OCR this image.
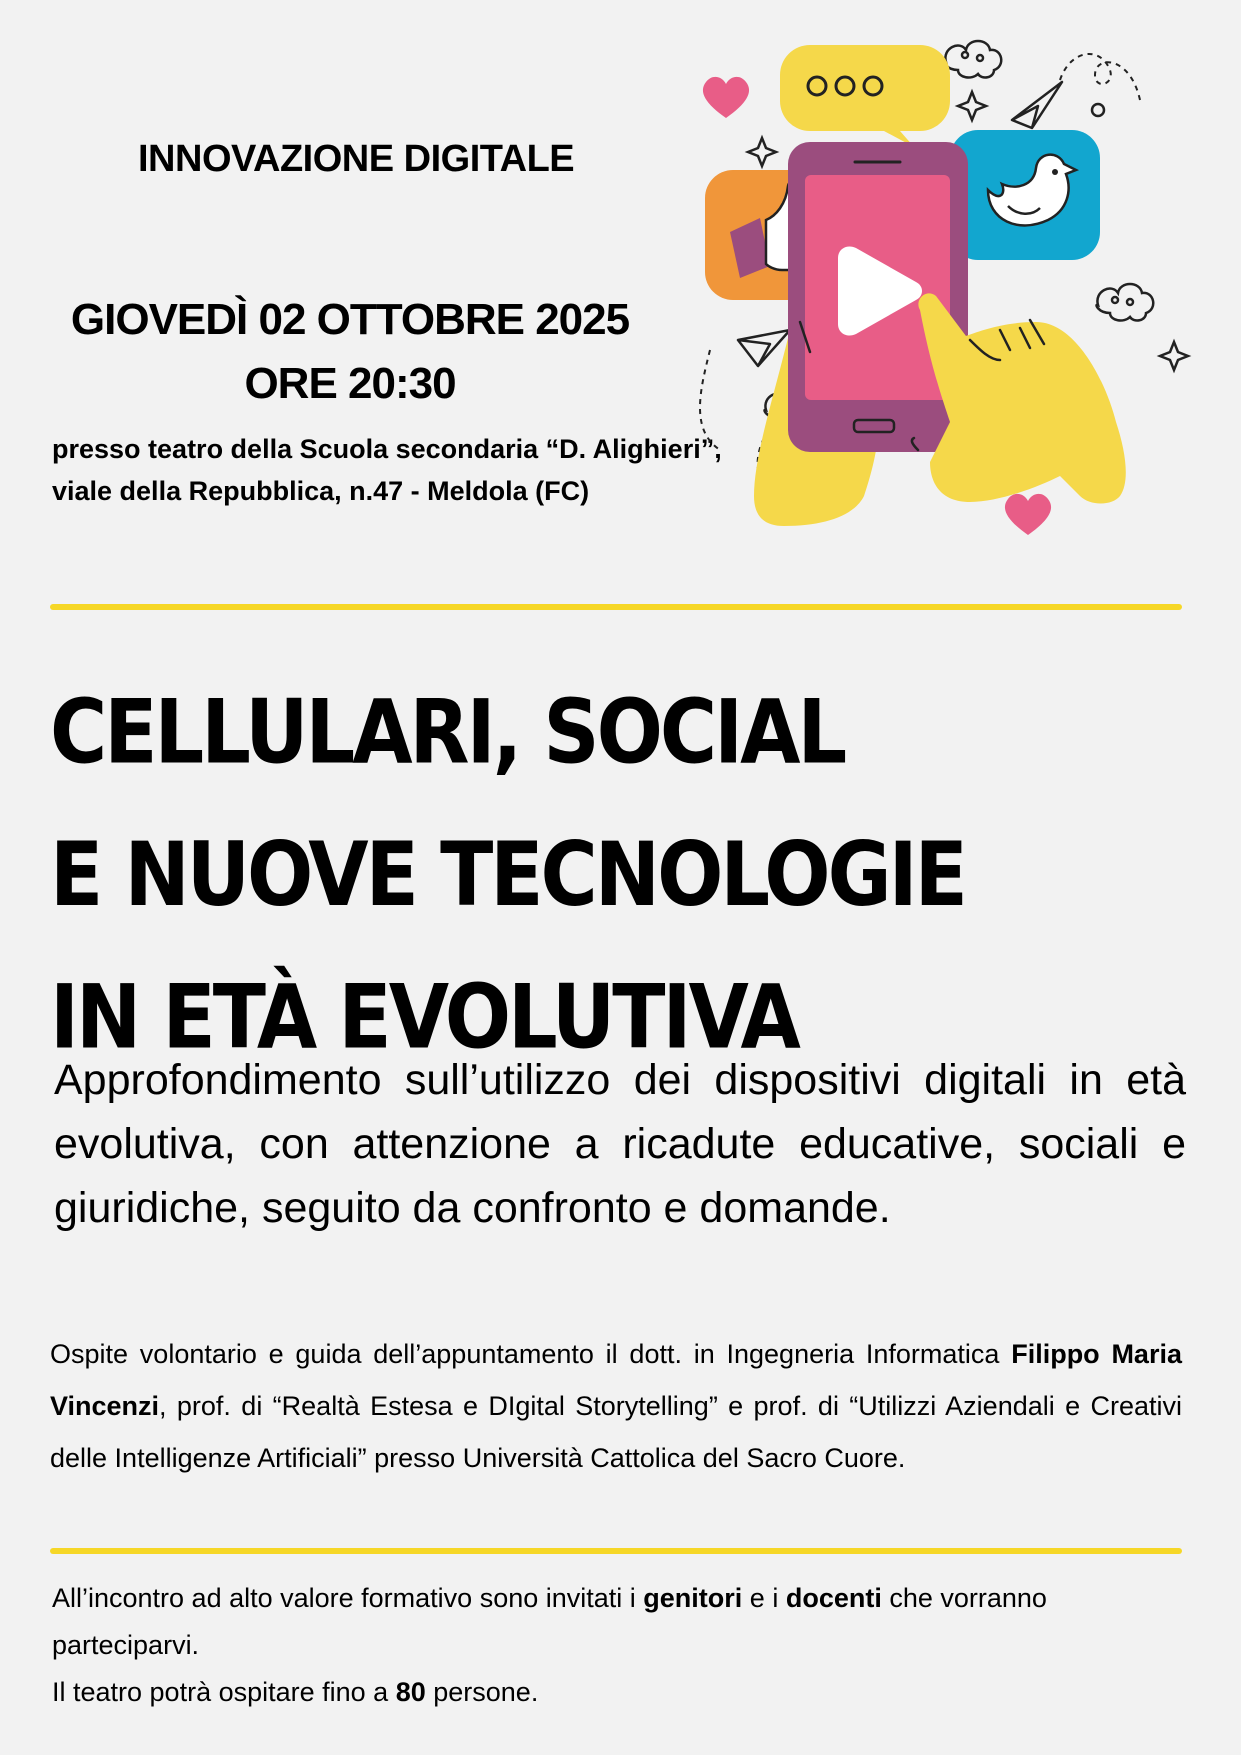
INNOVAZIONE DIGITALE
GIOVEDÌ 02 OTTOBRE 2025
ORE 20:30
presso teatro della Scuola secondaria “D. Alighieri”,
viale della Repubblica, n.47 - Meldola (FC)
CELLULARI, SOCIAL
E NUOVE TECNOLOGIE
IN ETÀ EVOLUTIVA
Approfondimento sull’utilizzo dei dispositivi digitali in età evolutiva, con attenzione a ricadute educative, sociali e giuridiche, seguito da confronto e domande.
Ospite volontario e guida dell’appuntamento il dott. in Ingegneria Informatica Filippo Maria Vincenzi, prof. di “Realtà Estesa e DIgital Storytelling” e prof. di “Utilizzi Aziendali e Creativi delle Intelligenze Artificiali” presso Università Cattolica del Sacro Cuore.
All’incontro ad alto valore formativo sono invitati i genitori e i docenti che vorranno parteciparvi.
Il teatro potrà ospitare fino a 80 persone.
